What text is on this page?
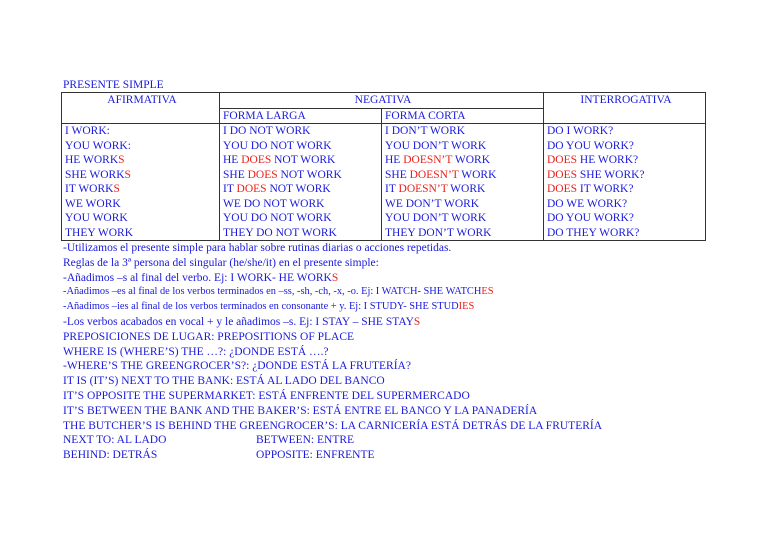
PRESENTE SIMPLE
AFIRMATIVA	NEGATIVA		INTERROGATIVA
	FORMA LARGA	FORMA CORTA	
I WORK:	I DO NOT WORK	I DON’T WORK	DO I WORK?
YOU WORK:	YOU DO NOT WORK	YOU DON’T WORK	DO YOU WORK?
HE WORKS	HE DOES NOT WORK	HE DOESN’T WORK	DOES HE WORK?
SHE WORKS	SHE DOES NOT WORK	SHE DOESN’T WORK	DOES SHE WORK?
IT WORKS	IT DOES NOT WORK	IT DOESN’T WORK	DOES IT WORK?
WE WORK	WE DO NOT WORK	WE DON’T WORK	DO WE WORK?
YOU WORK	YOU DO NOT WORK	YOU DON’T WORK	DO YOU WORK?
THEY WORK	THEY DO NOT WORK	THEY DON’T WORK	DO THEY WORK?
-Utilizamos el presente simple para hablar sobre rutinas diarias o acciones repetidas.
Reglas de la 3ª persona del singular (he/she/it) en el presente simple:
-Añadimos –s al final del verbo. Ej: I WORK- HE WORKS
-Añadimos –es al final de los verbos terminados en –ss, -sh, -ch, -x, -o. Ej: I WATCH- SHE WATCHES
-Añadimos –ies al final de los verbos terminados en consonante + y. Ej: I STUDY- SHE STUDIES
-Los verbos acabados en vocal + y le añadimos –s. Ej: I STAY – SHE STAYS
PREPOSICIONES DE LUGAR: PREPOSITIONS OF PLACE
WHERE IS (WHERE’S) THE …?: ¿DONDE ESTÁ ….?
-WHERE’S THE GREENGROCER’S?: ¿DONDE ESTÁ LA FRUTERÍA?
IT IS (IT’S) NEXT TO THE BANK: ESTÁ AL LADO DEL BANCO
IT’S OPPOSITE THE SUPERMARKET: ESTÁ ENFRENTE DEL SUPERMERCADO
IT’S BETWEEN THE BANK AND THE BAKER’S: ESTÁ ENTRE EL BANCO Y LA PANADERÍA
THE BUTCHER’S IS BEHIND THE GREENGROCER’S: LA CARNICERÍA ESTÁ DETRÁS DE LA FRUTERÍA
NEXT TO: AL LADO	BETWEEN: ENTRE
BEHIND: DETRÁS	OPPOSITE: ENFRENTE
